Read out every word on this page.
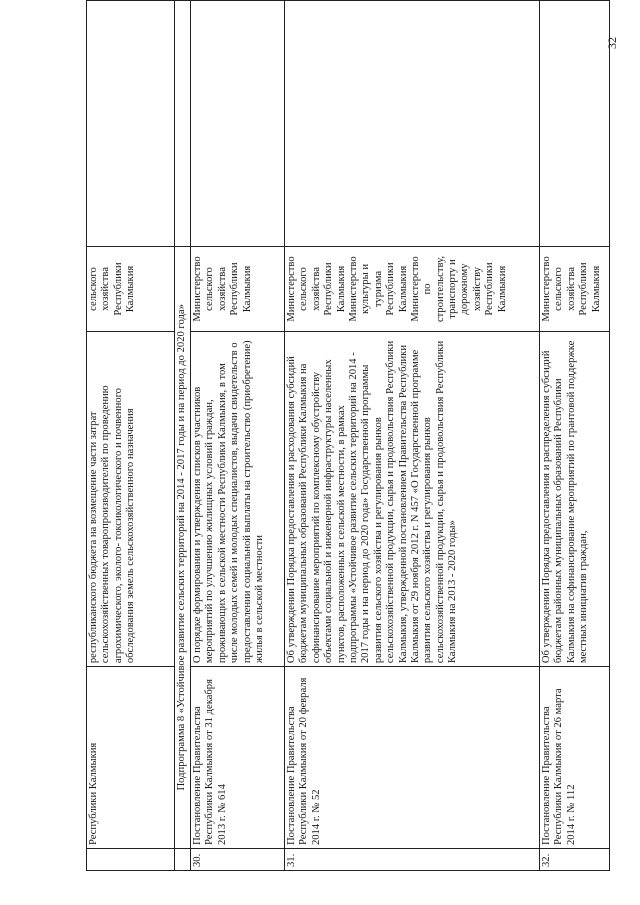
	Республики Калмыкия	республиканского бюджета на возмещение части затрат сельскохозяйственных товаропроизводителей по проведению агрохимического, эколого- токсикологического и почвенного обследования земель сельскохозяйственного назначения	сельского хозяйства Республики Калмыкия	
	Подпрограмма 8 «Устойчивое развитие сельских территорий на 2014 - 2017 годы и на период до 2020 года»			
30.	Постановление Правительства Республики Калмыкия от 31 декабря 2013 г. № 614	О порядке формирования и утверждения списков участников мероприятий по улучшению жилищных условий граждан, проживающих в сельской местности Республики Калмыкия, в том числе молодых семей и молодых специалистов, выдачи свидетельств о предоставлении социальной выплаты на строительство (приобретение) жилья в сельской местности	Министерство сельского хозяйства Республики Калмыкия	
31.	Постановление Правительства Республики Калмыкия от 20 февраля 2014 г. № 52	Об утверждении Порядка предоставления и расходования субсидий бюджетам муниципальных образований Республики Калмыкия на софинансирование мероприятий по комплексному обустройству объектами социальной и инженерной инфраструктуры населенных пунктов, расположенных в сельской местности, в рамках подпрограммы «Устойчивое развитие сельских территорий на 2014 - 2017 годы и на период до 2020 года» Государственной программы развития сельского хозяйства и регулирования рынков сельскохозяйственной продукции, сырья и продовольствия Республики Калмыкия, утвержденной постановлением Правительства Республики Калмыкия от 29 ноября 2012 г. N 457 «О Государственной программе развития сельского хозяйства и регулирования рынков сельскохозяйственной продукции, сырья и продовольствия Республики Калмыкия на 2013 - 2020 годы»	Министерство сельского хозяйства Республики Калмыкия Министерство культуры и туризма Республики Калмыкия Министерство по строительству, транспорту и дорожному хозяйству Республики Калмыкия	
32.	Постановление Правительства Республики Калмыкия от 26 марта 2014 г. № 112	Об утверждении Порядка предоставления и распределения субсидий бюджетам районных муниципальных образований Республики Калмыкия на софинансирование мероприятий по грантовой поддержке местных инициатив граждан,	Министерство сельского хозяйства Республики Калмыкия	
32
